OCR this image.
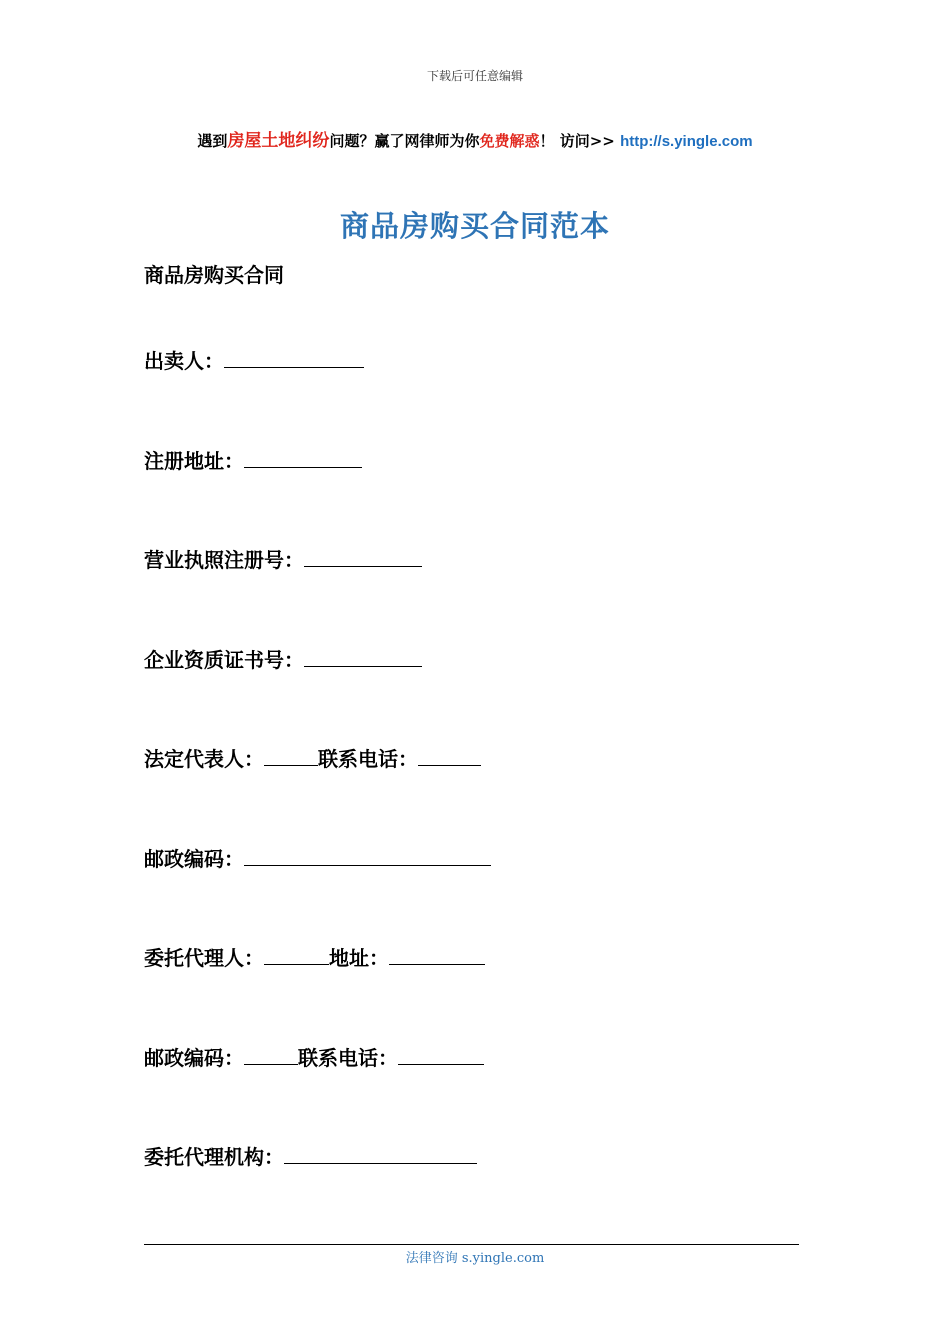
下载后可任意编辑
遇到房屋土地纠纷问题？赢了网律师为你免费解惑！ 访问>> http://s.yingle.com
商品房购买合同范本
商品房购买合同
出卖人：
注册地址：
营业执照注册号：
企业资质证书号：
法定代表人：	联系电话：
邮政编码：
委托代理人：	地址：
邮政编码：	联系电话：
委托代理机构：
法律咨询 s.yingle.com
